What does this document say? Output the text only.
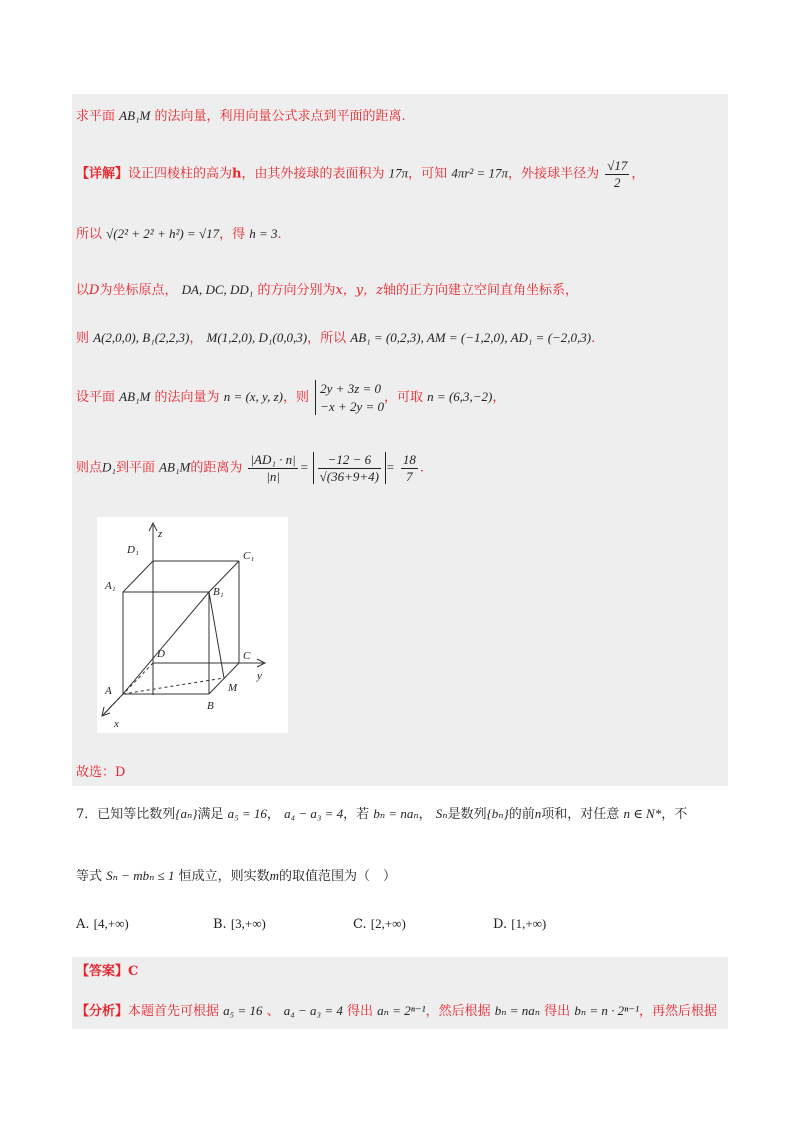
求平面 AB₁M 的法向量，利用向量公式求点到平面的距离.
【详解】设正四棱柱的高为h，由其外接球的表面积为 17π，可知 4πr² = 17π，外接球半径为 $\frac{√17}{2}$ ，
所以 √(2² + 2² + h²) = √17，得 h = 3.
以D为坐标原点， DA, DC, DD₁ 的方向分别为x，y，z轴的正方向建立空间直角坐标系，
则 A(2,0,0), B₁(2,2,3)， M(1,2,0), D₁(0,0,3)，所以 AB₁ = (0,2,3), AM = (−1,2,0), AD₁ = (−2,0,3).
设平面 AB₁M 的法向量为 n = (x, y, z)，则
2y + 3z = 0
−x + 2y = 0
，可取 n = (6,3,−2)，
则点D₁到平面 AB₁M的距离为 $\frac{\text{|AD₁ · n|}}{|n|} = \frac{-12 - 6}{√(36+9+4)} = \frac{18}{7}$ .
z
D₁	C₁
A₁	B₁
D	C
y
A	M
B
x
故选：D
7．已知等比数列{aₙ}满足 a₅ = 16， a₄ − a₃ = 4，若 bₙ = naₙ， Sₙ是数列{bₙ}的前n项和，对任意 n ∈ N*，不
等式 Sₙ − mbₙ ≤ 1 恒成立，则实数m的取值范围为（　）
A. [4,+∞)	B. [3,+∞)	C. [2,+∞)	D. [1,+∞)
【答案】C
【分析】本题首先可根据 a₅ = 16 、 a₄ − a₃ = 4 得出 aₙ = 2ⁿ⁻¹，然后根据 bₙ = naₙ 得出 bₙ = n · 2ⁿ⁻¹，再然后根据
